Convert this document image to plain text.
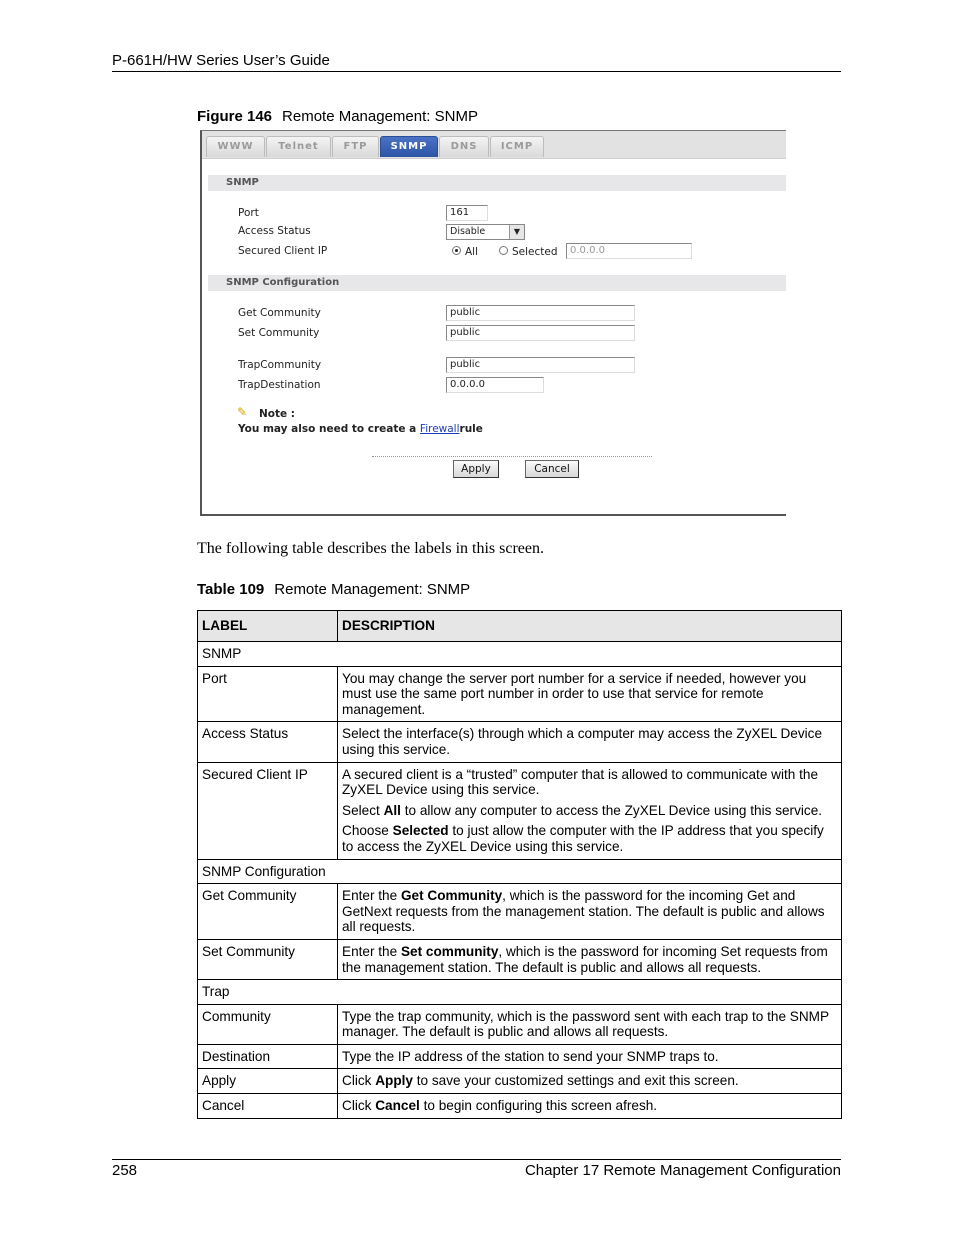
P-661H/HW Series User’s Guide
Figure 146 Remote Management: SNMP
WWW	Telnet	FTP	SNMP	DNS	ICMP
SNMP
Port	161
Access Status	Disable	▼
Secured Client IP	All	Selected	0.0.0.0
SNMP Configuration
Get Community	public
Set Community	public
TrapCommunity	public
TrapDestination	0.0.0.0
✎ Note :
You may also need to create a Firewallrule
Apply	Cancel
The following table describes the labels in this screen.
Table 109 Remote Management: SNMP
LABEL	DESCRIPTION
SNMP	
Port	You may change the server port number for a service if needed, however you must use the same port number in order to use that service for remote management.

Access Status	Select the interface(s) through which a computer may access the ZyXEL Device using this service.

Secured Client IP	A secured client is a “trusted” computer that is allowed to communicate with the ZyXEL Device using this service.

Select All to allow any computer to access the ZyXEL Device using this service.

Choose Selected to just allow the computer with the IP address that you specify to access the ZyXEL Device using this service.

SNMP Configuration	
Get Community	Enter the Get Community, which is the password for the incoming Get and GetNext requests from the management station. The default is public and allows all requests.

Set Community	Enter the Set community, which is the password for incoming Set requests from the management station. The default is public and allows all requests.

Trap	
Community	Type the trap community, which is the password sent with each trap to the SNMP manager. The default is public and allows all requests.

Destination	Type the IP address of the station to send your SNMP traps to.

Apply	Click Apply to save your customized settings and exit this screen.

Cancel	Click Cancel to begin configuring this screen afresh.

258	Chapter 17 Remote Management Configuration
